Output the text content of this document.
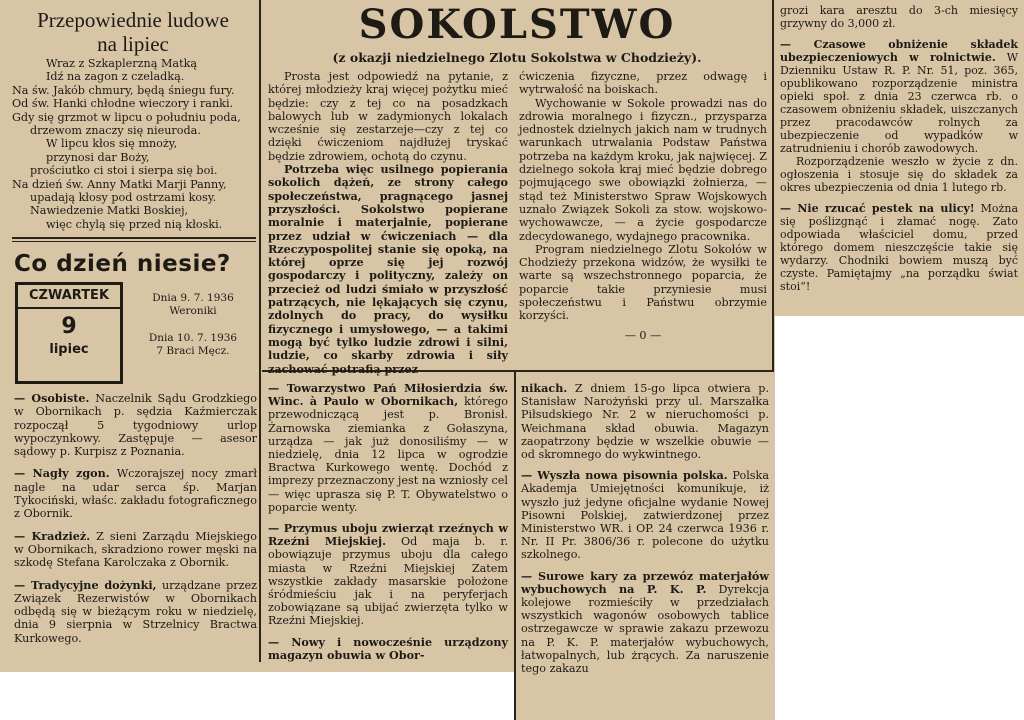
Przepowiednie ludowe
na lipiec
Wraz z Szkaplerzną Matką
Idź na zagon z czeladką.
Na św. Jakób chmury, będą śniegu fury.
Od św. Hanki chłodne wieczory i ranki.
Gdy się grzmot w lipcu o południu poda,
drzewom znaczy się nieuroda.
W lipcu kłos się mnoży,
przynosi dar Boży,
prościutko ci stoi i sierpa się boi.
Na dzień św. Anny Matki Marji Panny,
upadają kłosy pod ostrzami kosy.
Nawiedzenie Matki Boskiej,
więc chylą się przed nią kłoski.
Co dzień niesie?
CZWARTEK
9
lipiec
Dnia 9. 7. 1936
Weroniki
Dnia 10. 7. 1936
7 Braci Męcz.

— Osobiste. Naczelnik Sądu Grodzkiego w Obornikach p. sędzia Kaźmierczak rozpoczął 5 tygodniowy urlop wypoczynkowy. Zastępuje — asesor sądowy p. Kurpisz z Poznania.

— Nagły zgon. Wczorajszej nocy zmarł nagle na udar serca śp. Marjan Tykociński, właśc. zakładu fotograficznego z Obornik.

— Kradzież. Z sieni Zarządu Miejskiego w Obornikach, skradziono rower męski na szkodę Stefana Karolczaka z Obornik.

— Tradycyjne dożynki, urządzane przez Związek Rezerwistów w Obornikach odbędą się w bieżącym roku w niedzielę, dnia 9 sierpnia w Strzelnicy Bractwa Kurkowego.

SOKOLSTWO
(z okazji niedzielnego Zlotu Sokolstwa w Chodzieży).

Prosta jest odpowiedź na pytanie, z której młodzieży kraj więcej pożytku mieć będzie: czy z tej co na posadzkach balowych lub w zadymionych lokalach wcześnie się zestarzeje—czy z tej co dzięki ćwiczeniom najdłużej tryskać będzie zdrowiem, ochotą do czynu.

Potrzeba więc usilnego popierania sokolich dążeń, ze strony całego społeczeństwa, pragnącego jasnej przyszłości. Sokolstwo popierane moralnie i materjalnie, popierane przez udział w ćwiczeniach — dla Rzeczypospolitej stanie się opoką, na której oprze się jej rozwój gospodarczy i polityczny, zależy on przecież od ludzi śmiało w przyszłość patrzących, nie lękających się czynu, zdolnych do pracy, do wysiłku fizycznego i umysłowego, — a takimi mogą być tylko ludzie zdrowi i silni, ludzie, co skarby zdrowia i siły zachować potrafią przez

ćwiczenia fizyczne, przez odwagę i wytrwałość na boiskach.

Wychowanie w Sokole prowadzi nas do zdrowia moralnego i fizyczn., przysparza jednostek dzielnych jakich nam w trudnych warunkach utrwalania Podstaw Państwa potrzeba na każdym kroku, jak najwięcej. Z dzielnego sokoła kraj mieć będzie dobrego pojmującego swe obowiązki żołnierza, — stąd też Ministerstwo Spraw Wojskowych uznało Związek Sokoli za stow. wojskowo-wychowawcze, — a życie gospodarcze zdecydowanego, wydajnego pracownika.

Program niedzielnego Zlotu Sokołów w Chodzieży przekona widzów, że wysiłki te warte są wszechstronnego poparcia, że poparcie takie przyniesie musi społeczeństwu i Państwu obrzymie korzyści.

— 0 —

— Towarzystwo Pań Miłosierdzia św. Winc. à Paulo w Obornikach, którego przewodniczącą jest p. Bronisł. Żarnowska ziemianka z Gołaszyna, urządza — jak już donosiliśmy — w niedzielę, dnia 12 lipca w ogrodzie Bractwa Kurkowego wentę. Dochód z imprezy przeznaczony jest na wzniosły cel — więc uprasza się P. T. Obywatelstwo o poparcie wenty.

— Przymus uboju zwierząt rzeźnych w Rzeźni Miejskiej. Od maja b. r. obowiązuje przymus uboju dla całego miasta w Rzeźni Miejskiej Zatem wszystkie zakłady masarskie położone śródmieściu jak i na peryferjach zobowiązane są ubijać zwierzęta tylko w Rzeźni Miejskiej.

— Nowy i nowocześnie urządzony magazyn obuwia w Obor-

nikach. Z dniem 15-go lipca otwiera p. Stanisław Narożyński przy ul. Marszałka Piłsudskiego Nr. 2 w nieruchomości p. Weichmana skład obuwia. Magazyn zaopatrzony będzie w wszelkie obuwie — od skromnego do wykwintnego.

— Wyszła nowa pisownia polska. Polska Akademja Umiejętności komunikuje, iż wyszło już jedyne oficjalne wydanie Nowej Pisowni Polskiej, zatwierdzonej przez Ministerstwo WR. i OP. 24 czerwca 1936 r. Nr. II Pr. 3806/36 r. polecone do użytku szkolnego.

— Surowe kary za przewóz materjałów wybuchowych na P. K. P. Dyrekcja kolejowe rozmieściły w przedziałach wszystkich wagonów osobowych tablice ostrzegawcze w sprawie zakazu przewozu na P. K. P. materjałów wybuchowych, łatwopalnych, lub żrących. Za naruszenie tego zakazu

grozi kara aresztu do 3-ch miesięcy grzywny do 3,000 zł.

— Czasowe obniżenie składek ubezpieczeniowych w rolnictwie. W Dzienniku Ustaw R. P. Nr. 51, poz. 365, opublikowano rozporządzenie ministra opieki społ. z dnia 23 czerwca rb. o czasowem obniżeniu składek, uiszczanych przez pracodawców rolnych za ubezpieczenie od wypadków w zatrudnieniu i chorób zawodowych.

Rozporządzenie weszło w życie z dn. ogłoszenia i stosuje się do składek za okres ubezpieczenia od dnia 1 lutego rb.

— Nie rzucać pestek na ulicy! Można się poślizgnąć i złamać nogę. Zato odpowiada właściciel domu, przed którego domem nieszczęście takie się wydarzy. Chodniki bowiem muszą być czyste. Pamiętajmy „na porządku świat stoi“!
